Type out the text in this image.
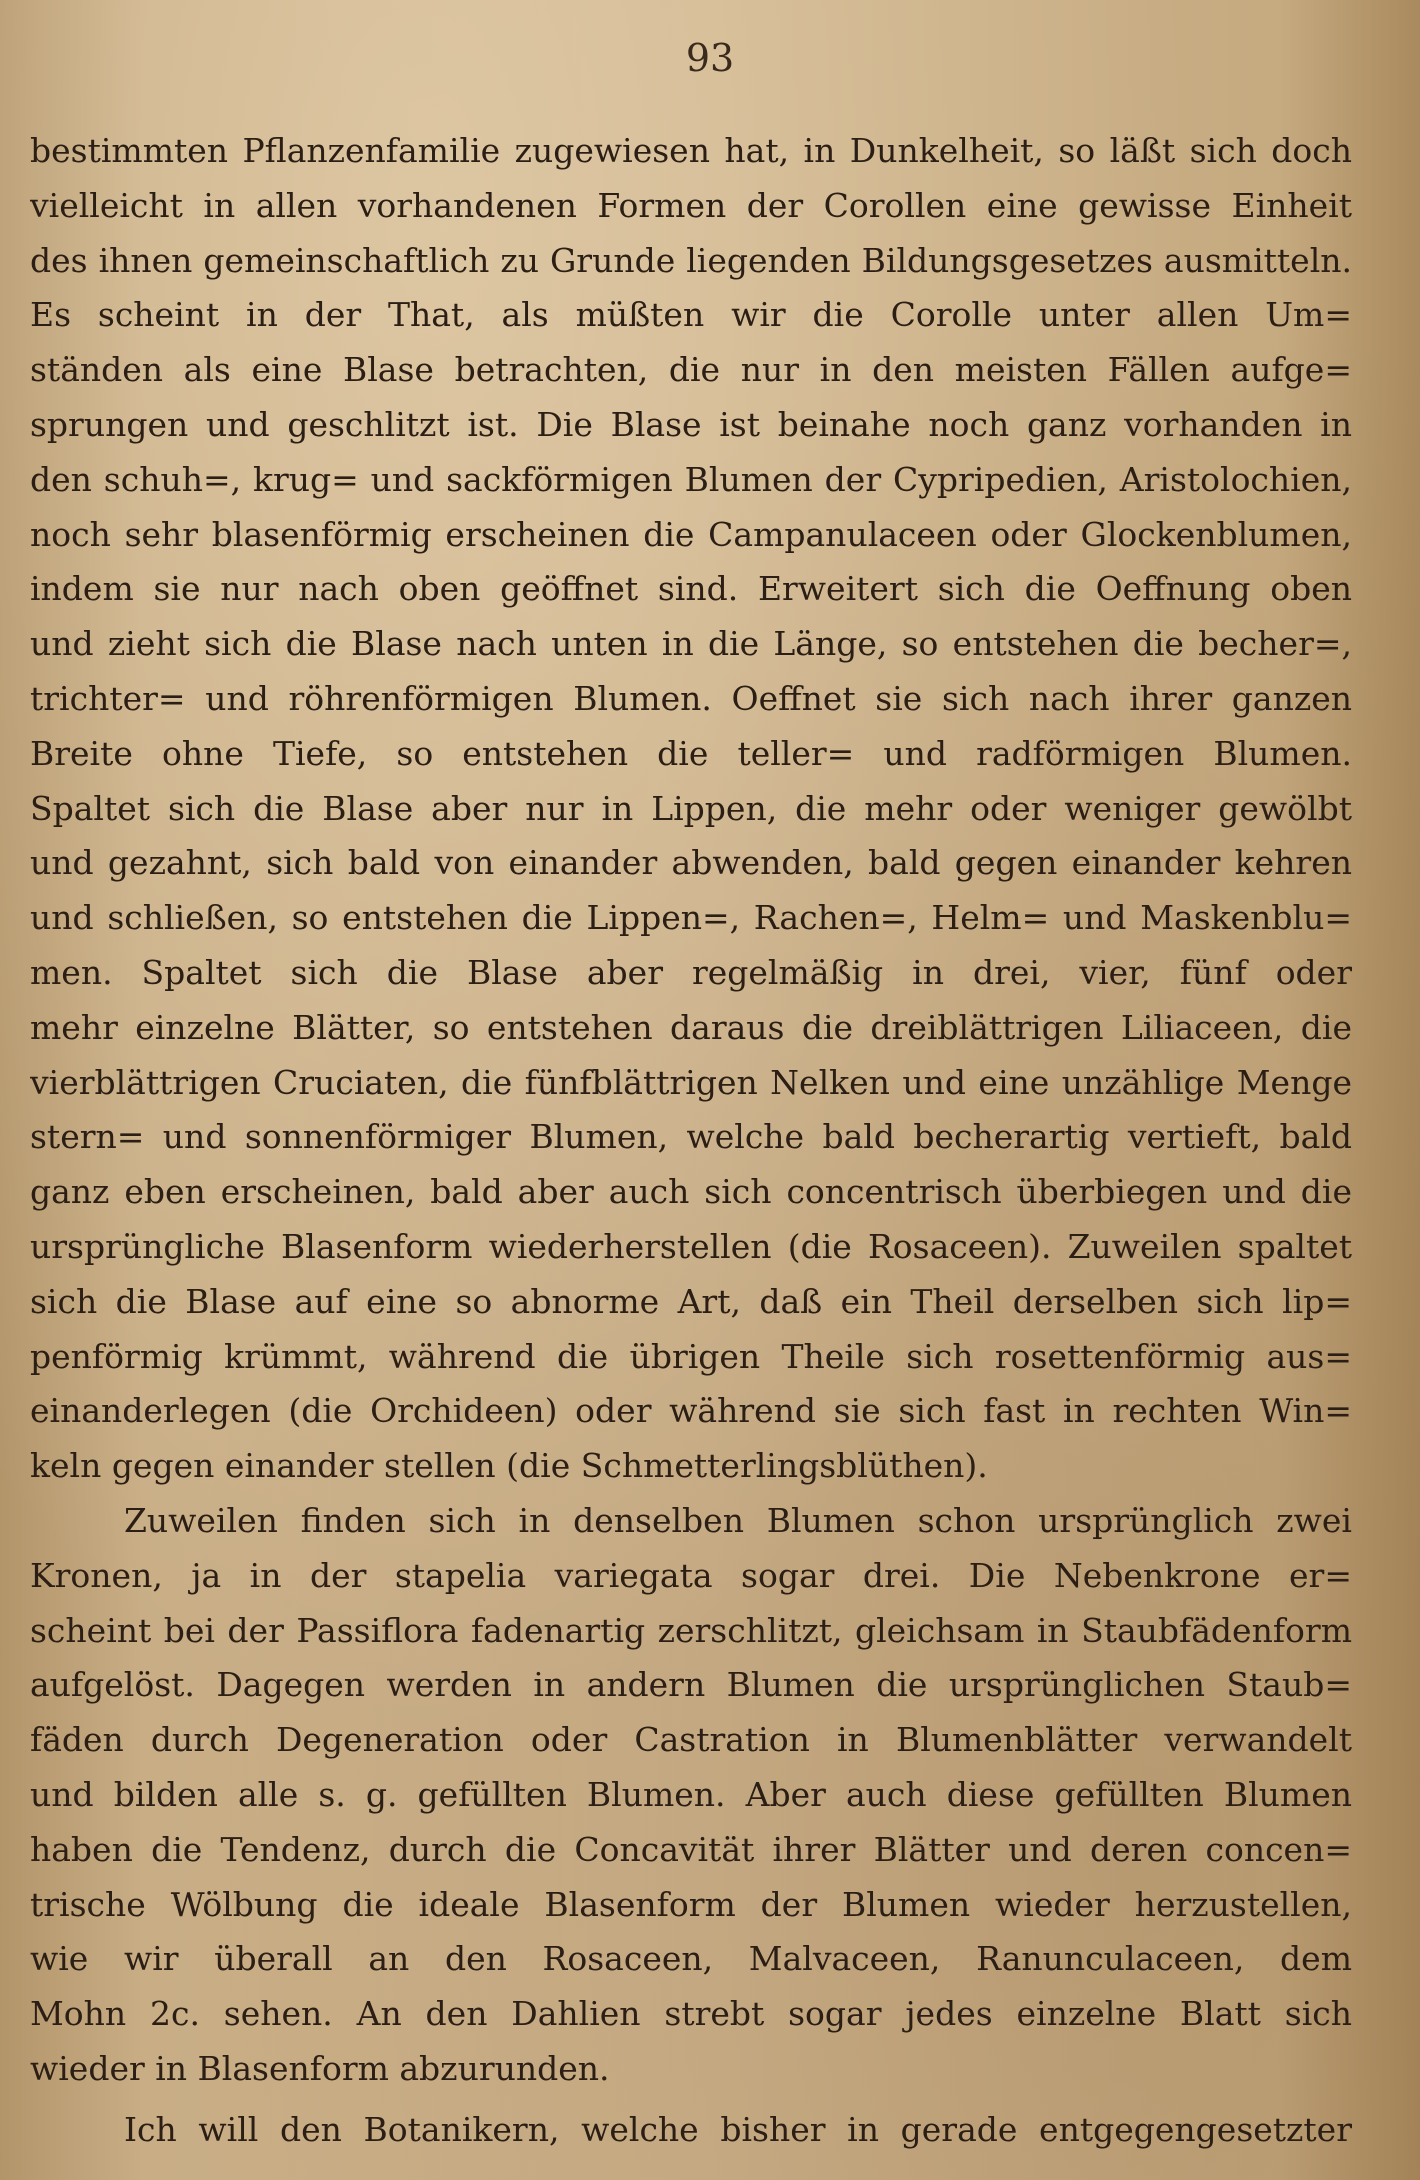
93
bestimmten Pflanzenfamilie zugewiesen hat, in Dunkelheit, so läßt sich doch
vielleicht in allen vorhandenen Formen der Corollen eine gewisse Einheit
des ihnen gemeinschaftlich zu Grunde liegenden Bildungsgesetzes ausmitteln.
Es scheint in der That, als müßten wir die Corolle unter allen Um=
ständen als eine Blase betrachten, die nur in den meisten Fällen aufge=
sprungen und geschlitzt ist. Die Blase ist beinahe noch ganz vorhanden in
den schuh=, krug= und sackförmigen Blumen der Cypripedien, Aristolochien,
noch sehr blasenförmig erscheinen die Campanulaceen oder Glockenblumen,
indem sie nur nach oben geöffnet sind. Erweitert sich die Oeffnung oben
und zieht sich die Blase nach unten in die Länge, so entstehen die becher=,
trichter= und röhrenförmigen Blumen. Oeffnet sie sich nach ihrer ganzen
Breite ohne Tiefe, so entstehen die teller= und radförmigen Blumen.
Spaltet sich die Blase aber nur in Lippen, die mehr oder weniger gewölbt
und gezahnt, sich bald von einander abwenden, bald gegen einander kehren
und schließen, so entstehen die Lippen=, Rachen=, Helm= und Maskenblu=
men. Spaltet sich die Blase aber regelmäßig in drei, vier, fünf oder
mehr einzelne Blätter, so entstehen daraus die dreiblättrigen Liliaceen, die
vierblättrigen Cruciaten, die fünfblättrigen Nelken und eine unzählige Menge
stern= und sonnenförmiger Blumen, welche bald becherartig vertieft, bald
ganz eben erscheinen, bald aber auch sich concentrisch überbiegen und die
ursprüngliche Blasenform wiederherstellen (die Rosaceen). Zuweilen spaltet
sich die Blase auf eine so abnorme Art, daß ein Theil derselben sich lip=
penförmig krümmt, während die übrigen Theile sich rosettenförmig aus=
einanderlegen (die Orchideen) oder während sie sich fast in rechten Win=
keln gegen einander stellen (die Schmetterlingsblüthen).
Zuweilen finden sich in denselben Blumen schon ursprünglich zwei
Kronen, ja in der stapelia variegata sogar drei. Die Nebenkrone er=
scheint bei der Passiflora fadenartig zerschlitzt, gleichsam in Staubfädenform
aufgelöst. Dagegen werden in andern Blumen die ursprünglichen Staub=
fäden durch Degeneration oder Castration in Blumenblätter verwandelt
und bilden alle s. g. gefüllten Blumen. Aber auch diese gefüllten Blumen
haben die Tendenz, durch die Concavität ihrer Blätter und deren concen=
trische Wölbung die ideale Blasenform der Blumen wieder herzustellen,
wie wir überall an den Rosaceen, Malvaceen, Ranunculaceen, dem
Mohn 2c. sehen. An den Dahlien strebt sogar jedes einzelne Blatt sich
wieder in Blasenform abzurunden.
Ich will den Botanikern, welche bisher in gerade entgegengesetzter
